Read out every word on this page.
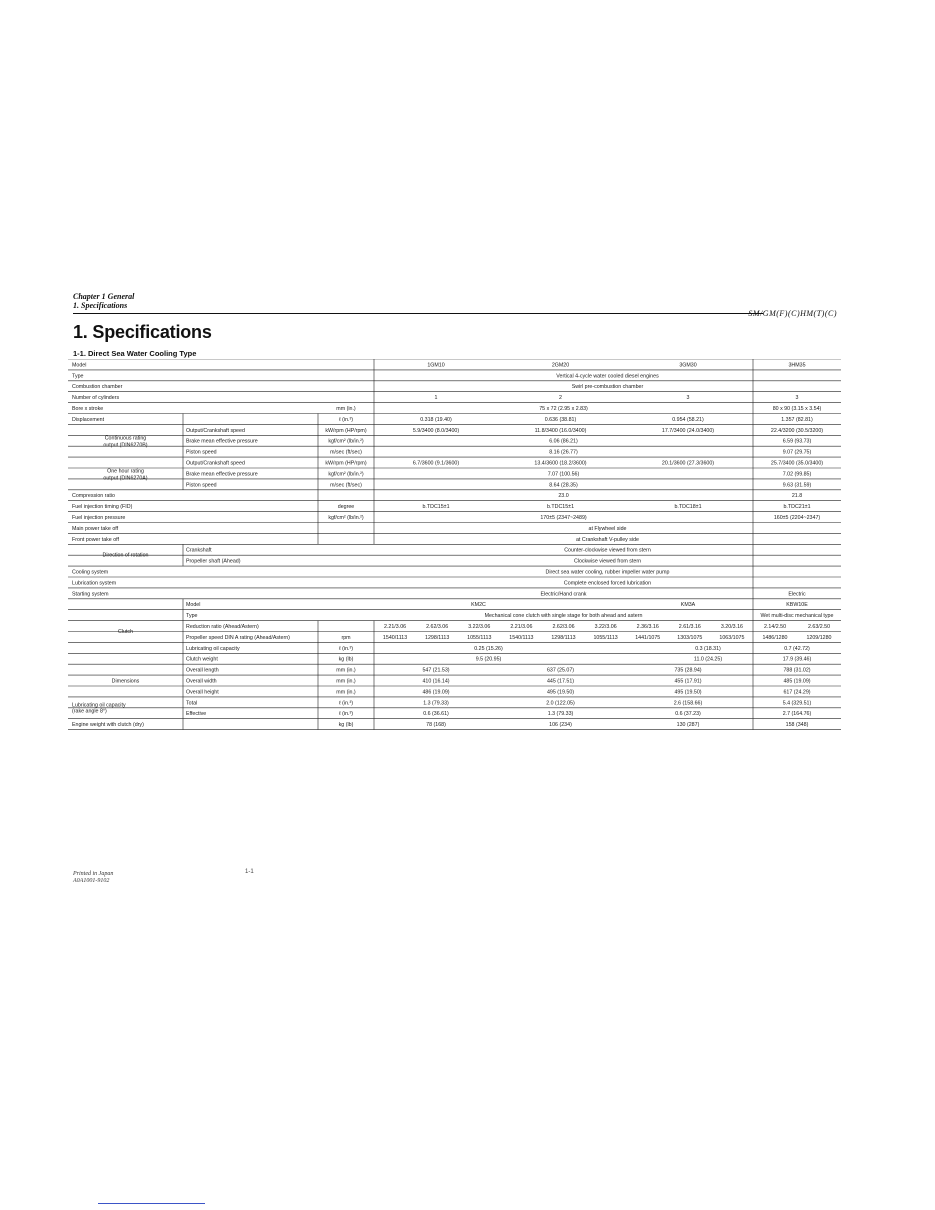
Chapter 1 General
1. Specifications
SM/GM(F)(C)HM(T)(C)
1. Specifications
1-1. Direct Sea Water Cooling Type
Model	1GM10	2GM20	3GM30	3HM35
Type	Vertical 4-cycle water cooled diesel engines
Combustion chamber	Swirl pre-combustion chamber
Number of cylinders	1	2	3	3
Bore x stroke	mm (in.)	75 x 72 (2.95 x 2.83)	80 x 90 (3.15 x 3.54)
Displacement	ℓ (in.³)	0.318 (19.40)	0.636 (38.81)	0.954 (58.21)	1.357 (82.81)
Continuous rating
output (DIN6270B)
Output/Crankshaft speed	kW/rpm (HP/rpm)	5.9/3400 (8.0/3400)	11.8/3400 (16.0/3400)	17.7/3400 (24.0/3400)	22.4/3200 (30.5/3200)
Brake mean effective pressure	kgf/cm² (lb/in.²)	6.06 (86.21)	6.59 (93.73)
Piston speed	m/sec (ft/sec)	8.16 (26.77)	9.07 (29.75)
One hour rating
output (DIN6270A)
Output/Crankshaft speed	kW/rpm (HP/rpm)	6.7/3600 (9.1/3600)	13.4/3600 (18.2/3600)	20.1/3600 (27.3/3600)	25.7/3400 (35.0/3400)
Brake mean effective pressure	kgf/cm² (lb/in.²)	7.07 (100.56)	7.02 (99.85)
Piston speed	m/sec (ft/sec)	8.64 (28.35)	9.63 (31.59)
Compression ratio	23.0	21.8
Fuel injection timing (FID)	degree	b.TDC15±1	b.TDC15±1	b.TDC18±1	b.TDC21±1
Fuel injection pressure	kgf/cm² (lb/in.²)	170±5 (2347~2489)	160±5 (2204~2347)
Main power take off	at Flywheel side
Front power take off	at Crankshaft V-pulley side
Direction of rotation
Crankshaft	Counter-clockwise viewed from stern
Propeller shaft (Ahead)	Clockwise viewed from stern
Cooling system	Direct sea water cooling, rubber impeller water pump
Lubrication system	Complete enclosed forced lubrication
Starting system	Electric/Hand crank	Electric
Clutch
Model	KM2C	KM3A	KBW10E
Type	Mechanical cone clutch with single stage for both ahead and astern	Wet multi-disc mechanical type
Reduction ratio (Ahead/Astern)	2.21/3.06	2.62/3.06	3.22/3.06	2.21/3.06	2.62/3.06	3.22/3.06	2.36/3.16	2.61/3.16	3.20/3.16	2.14/2.50	2.63/2.50
Propeller speed DIN A rating (Ahead/Astern)	rpm	1540/1113	1298/1113	1055/1113	1540/1113	1298/1113	1055/1113	1441/1075	1303/1075	1063/1075	1486/1280	1209/1280
Lubricating oil capacity	ℓ (in.³)	0.25 (15.26)	0.3 (18.31)	0.7 (42.72)
Clutch weight	kg (lb)	9.5 (20.95)	11.0 (24.25)	17.9 (39.46)
Dimensions
Overall length	mm (in.)	547 (21.53)	637 (25.07)	735 (28.94)	788 (31.02)
Overall width	mm (in.)	410 (16.14)	445 (17.51)	455 (17.91)	485 (19.09)
Overall height	mm (in.)	486 (19.09)	495 (19.50)	495 (19.50)	617 (24.29)
Lubricating oil capacity
(rake angle 8°)
Total	ℓ (in.³)	1.3 (79.33)	2.0 (122.05)	2.6 (158.66)	5.4 (329.51)
Effective	ℓ (in.³)	0.6 (36.61)	1.3 (79.33)	0.6 (37.23)	2.7 (164.76)
Engine weight with clutch (dry)	kg (lb)	78 (168)	106 (234)	130 (287)	158 (348)
Printed in Japan
A0A1001-9102
1-1
